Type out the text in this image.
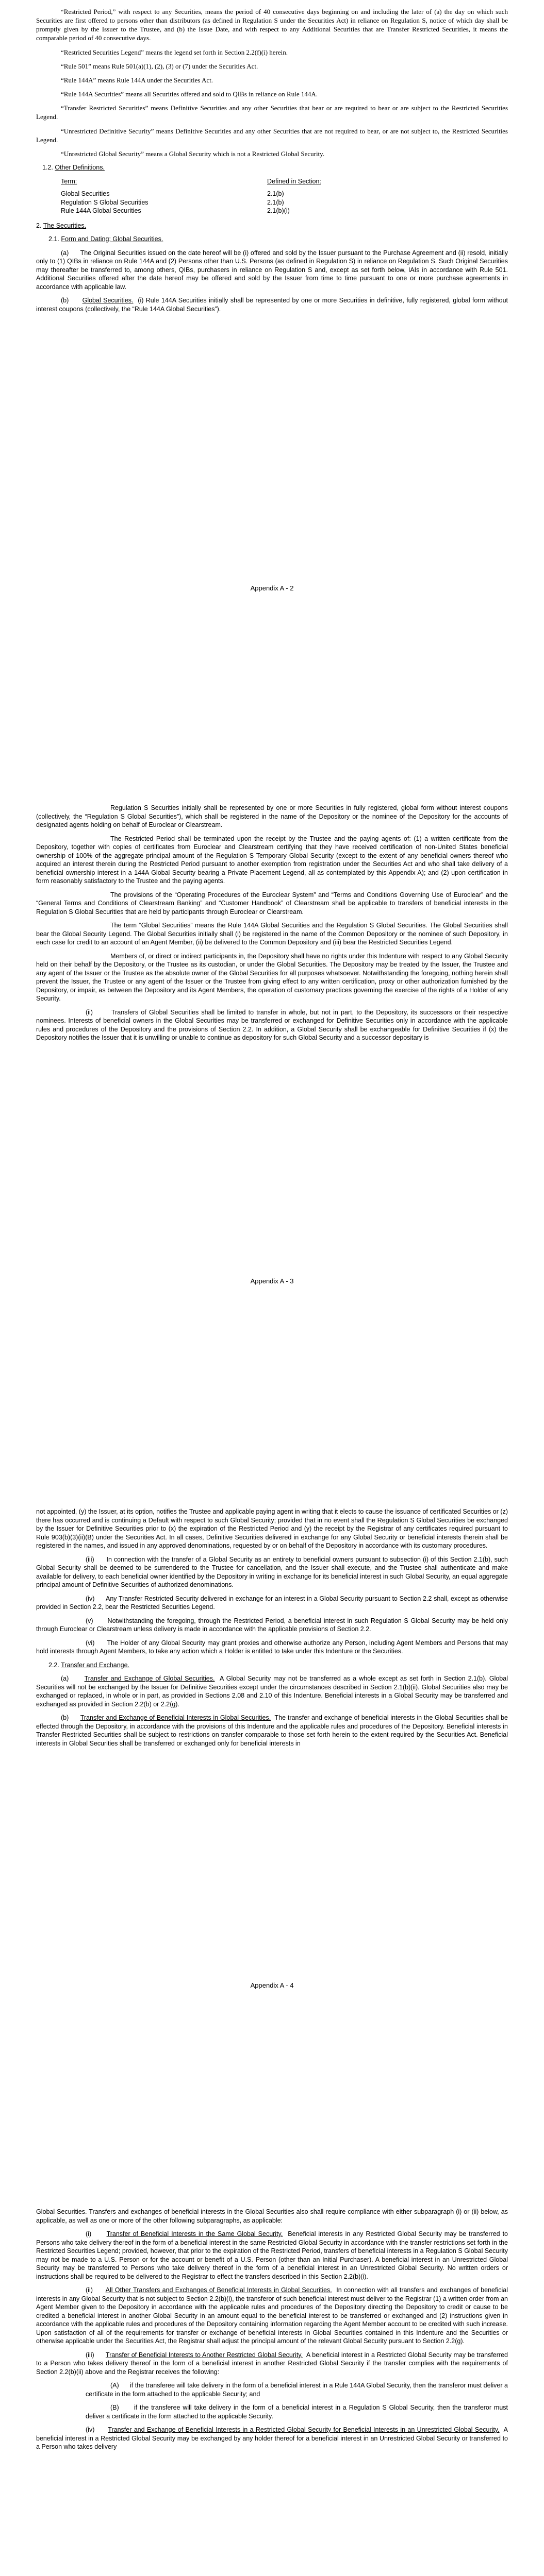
“Restricted Period,” with respect to any Securities, means the period of 40 consecutive days beginning on and including the later of (a) the day on which such Securities are first offered to persons other than distributors (as defined in Regulation S under the Securities Act) in reliance on Regulation S, notice of which day shall be promptly given by the Issuer to the Trustee, and (b) the Issue Date, and with respect to any Additional Securities that are Transfer Restricted Securities, it means the comparable period of 40 consecutive days.

“Restricted Securities Legend” means the legend set forth in Section 2.2(f)(i) herein.

“Rule 501” means Rule 501(a)(1), (2), (3) or (7) under the Securities Act.

“Rule 144A” means Rule 144A under the Securities Act.

“Rule 144A Securities” means all Securities offered and sold to QIBs in reliance on Rule 144A.

“Transfer Restricted Securities” means Definitive Securities and any other Securities that bear or are required to bear or are subject to the Restricted Securities Legend.

“Unrestricted Definitive Security” means Definitive Securities and any other Securities that are not required to bear, or are not subject to, the Restricted Securities Legend.

“Unrestricted Global Security” means a Global Security which is not a Restricted Global Security.

1.2. Other Definitions.

Term:	Defined in Section:
Global Securities	2.1(b)
Regulation S Global Securities	2.1(b)
Rule 144A Global Securities	2.1(b)(i)

2. The Securities.

2.1. Form and Dating; Global Securities.

(a) The Original Securities issued on the date hereof will be (i) offered and sold by the Issuer pursuant to the Purchase Agreement and (ii) resold, initially only to (1) QIBs in reliance on Rule 144A and (2) Persons other than U.S. Persons (as defined in Regulation S) in reliance on Regulation S. Such Original Securities may thereafter be transferred to, among others, QIBs, purchasers in reliance on Regulation S and, except as set forth below, IAIs in accordance with Rule 501. Additional Securities offered after the date hereof may be offered and sold by the Issuer from time to time pursuant to one or more purchase agreements in accordance with applicable law.

(b) Global Securities. (i) Rule 144A Securities initially shall be represented by one or more Securities in definitive, fully registered, global form without interest coupons (collectively, the “Rule 144A Global Securities”).

Appendix A - 2

Regulation S Securities initially shall be represented by one or more Securities in fully registered, global form without interest coupons (collectively, the “Regulation S Global Securities”), which shall be registered in the name of the Depository or the nominee of the Depository for the accounts of designated agents holding on behalf of Euroclear or Clearstream.

The Restricted Period shall be terminated upon the receipt by the Trustee and the paying agents of: (1) a written certificate from the Depository, together with copies of certificates from Euroclear and Clearstream certifying that they have received certification of non-United States beneficial ownership of 100% of the aggregate principal amount of the Regulation S Temporary Global Security (except to the extent of any beneficial owners thereof who acquired an interest therein during the Restricted Period pursuant to another exemption from registration under the Securities Act and who shall take delivery of a beneficial ownership interest in a 144A Global Security bearing a Private Placement Legend, all as contemplated by this Appendix A); and (2) upon certification in form reasonably satisfactory to the Trustee and the paying agents.

The provisions of the “Operating Procedures of the Euroclear System” and “Terms and Conditions Governing Use of Euroclear” and the “General Terms and Conditions of Clearstream Banking” and “Customer Handbook” of Clearstream shall be applicable to transfers of beneficial interests in the Regulation S Global Securities that are held by participants through Euroclear or Clearstream.

The term “Global Securities” means the Rule 144A Global Securities and the Regulation S Global Securities. The Global Securities shall bear the Global Security Legend. The Global Securities initially shall (i) be registered in the name of the Common Depository or the nominee of such Depository, in each case for credit to an account of an Agent Member, (ii) be delivered to the Common Depository and (iii) bear the Restricted Securities Legend.

Members of, or direct or indirect participants in, the Depository shall have no rights under this Indenture with respect to any Global Security held on their behalf by the Depository, or the Trustee as its custodian, or under the Global Securities. The Depository may be treated by the Issuer, the Trustee and any agent of the Issuer or the Trustee as the absolute owner of the Global Securities for all purposes whatsoever. Notwithstanding the foregoing, nothing herein shall prevent the Issuer, the Trustee or any agent of the Issuer or the Trustee from giving effect to any written certification, proxy or other authorization furnished by the Depository, or impair, as between the Depository and its Agent Members, the operation of customary practices governing the exercise of the rights of a Holder of any Security.

(ii)	Transfers of Global Securities shall be limited to transfer in whole, but not in part, to the Depository, its successors or their respective nominees. Interests of beneficial owners in the Global Securities may be transferred or exchanged for Definitive Securities only in accordance with the applicable rules and procedures of the Depository and the provisions of Section 2.2. In addition, a Global Security shall be exchangeable for Definitive Securities if (x) the Depository notifies the Issuer that it is unwilling or unable to continue as depository for such Global Security and a successor depositary is

Appendix A - 3

not appointed, (y) the Issuer, at its option, notifies the Trustee and applicable paying agent in writing that it elects to cause the issuance of certificated Securities or (z) there has occurred and is continuing a Default with respect to such Global Security; provided that in no event shall the Regulation S Global Securities be exchanged by the Issuer for Definitive Securities prior to (x) the expiration of the Restricted Period and (y) the receipt by the Registrar of any certificates required pursuant to Rule 903(b)(3)(ii)(B) under the Securities Act. In all cases, Definitive Securities delivered in exchange for any Global Security or beneficial interests therein shall be registered in the names, and issued in any approved denominations, requested by or on behalf of the Depository in accordance with its customary procedures.

(iii) In connection with the transfer of a Global Security as an entirety to beneficial owners pursuant to subsection (i) of this Section 2.1(b), such Global Security shall be deemed to be surrendered to the Trustee for cancellation, and the Issuer shall execute, and the Trustee shall authenticate and make available for delivery, to each beneficial owner identified by the Depository in writing in exchange for its beneficial interest in such Global Security, an equal aggregate principal amount of Definitive Securities of authorized denominations.

(iv) Any Transfer Restricted Security delivered in exchange for an interest in a Global Security pursuant to Section 2.2 shall, except as otherwise provided in Section 2.2, bear the Restricted Securities Legend.

(v) Notwithstanding the foregoing, through the Restricted Period, a beneficial interest in such Regulation S Global Security may be held only through Euroclear or Clearstream unless delivery is made in accordance with the applicable provisions of Section 2.2.

(vi) The Holder of any Global Security may grant proxies and otherwise authorize any Person, including Agent Members and Persons that may hold interests through Agent Members, to take any action which a Holder is entitled to take under this Indenture or the Securities.

2.2. Transfer and Exchange.

(a) Transfer and Exchange of Global Securities. A Global Security may not be transferred as a whole except as set forth in Section 2.1(b). Global Securities will not be exchanged by the Issuer for Definitive Securities except under the circumstances described in Section 2.1(b)(ii). Global Securities also may be exchanged or replaced, in whole or in part, as provided in Sections 2.08 and 2.10 of this Indenture. Beneficial interests in a Global Security may be transferred and exchanged as provided in Section 2.2(b) or 2.2(g).

(b) Transfer and Exchange of Beneficial Interests in Global Securities. The transfer and exchange of beneficial interests in the Global Securities shall be effected through the Depository, in accordance with the provisions of this Indenture and the applicable rules and procedures of the Depository. Beneficial interests in Transfer Restricted Securities shall be subject to restrictions on transfer comparable to those set forth herein to the extent required by the Securities Act. Beneficial interests in Global Securities shall be transferred or exchanged only for beneficial interests in

Appendix A - 4

Global Securities. Transfers and exchanges of beneficial interests in the Global Securities also shall require compliance with either subparagraph (i) or (ii) below, as applicable, as well as one or more of the other following subparagraphs, as applicable:

(i) Transfer of Beneficial Interests in the Same Global Security. Beneficial interests in any Restricted Global Security may be transferred to Persons who take delivery thereof in the form of a beneficial interest in the same Restricted Global Security in accordance with the transfer restrictions set forth in the Restricted Securities Legend; provided, however, that prior to the expiration of the Restricted Period, transfers of beneficial interests in a Regulation S Global Security may not be made to a U.S. Person or for the account or benefit of a U.S. Person (other than an Initial Purchaser). A beneficial interest in an Unrestricted Global Security may be transferred to Persons who take delivery thereof in the form of a beneficial interest in an Unrestricted Global Security. No written orders or instructions shall be required to be delivered to the Registrar to effect the transfers described in this Section 2.2(b)(i).

(ii) All Other Transfers and Exchanges of Beneficial Interests in Global Securities. In connection with all transfers and exchanges of beneficial interests in any Global Security that is not subject to Section 2.2(b)(i), the transferor of such beneficial interest must deliver to the Registrar (1) a written order from an Agent Member given to the Depository in accordance with the applicable rules and procedures of the Depository directing the Depository to credit or cause to be credited a beneficial interest in another Global Security in an amount equal to the beneficial interest to be transferred or exchanged and (2) instructions given in accordance with the applicable rules and procedures of the Depository containing information regarding the Agent Member account to be credited with such increase. Upon satisfaction of all of the requirements for transfer or exchange of beneficial interests in Global Securities contained in this Indenture and the Securities or otherwise applicable under the Securities Act, the Registrar shall adjust the principal amount of the relevant Global Security pursuant to Section 2.2(g).

(iii) Transfer of Beneficial Interests to Another Restricted Global Security. A beneficial interest in a Restricted Global Security may be transferred to a Person who takes delivery thereof in the form of a beneficial interest in another Restricted Global Security if the transfer complies with the requirements of Section 2.2(b)(ii) above and the Registrar receives the following:

(A) if the transferee will take delivery in the form of a beneficial interest in a Rule 144A Global Security, then the transferor must deliver a certificate in the form attached to the applicable Security; and

(B) if the transferee will take delivery in the form of a beneficial interest in a Regulation S Global Security, then the transferor must deliver a certificate in the form attached to the applicable Security.

(iv) Transfer and Exchange of Beneficial Interests in a Restricted Global Security for Beneficial Interests in an Unrestricted Global Security. A beneficial interest in a Restricted Global Security may be exchanged by any holder thereof for a beneficial interest in an Unrestricted Global Security or transferred to a Person who takes delivery
